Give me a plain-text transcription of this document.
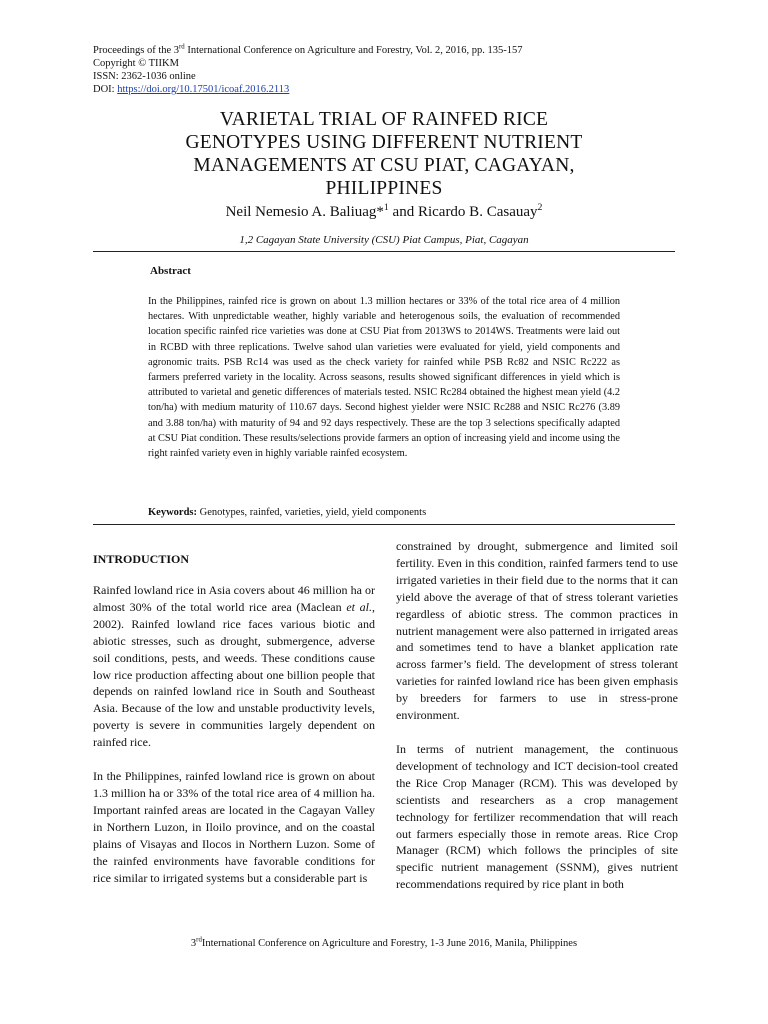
Proceedings of the 3rd International Conference on Agriculture and Forestry, Vol. 2, 2016, pp. 135-157
Copyright © TIIKM
ISSN: 2362-1036 online
DOI: https://doi.org/10.17501/icoaf.2016.2113
VARIETAL TRIAL OF RAINFED RICE
GENOTYPES USING DIFFERENT NUTRIENT
MANAGEMENTS AT CSU PIAT, CAGAYAN,
PHILIPPINES
Neil Nemesio A. Baliuag*$^1$ and Ricardo B. Casauay$^2$
1,2 Cagayan State University (CSU) Piat Campus, Piat, Cagayan
Abstract
In the Philippines, rainfed rice is grown on about 1.3 million hectares or 33% of the total rice area of 4 million hectares. With unpredictable weather, highly variable and heterogenous soils, the evaluation of recommended location specific rainfed rice varieties was done at CSU Piat from 2013WS to 2014WS. Treatments were laid out in RCBD with three replications. Twelve sahod ulan varieties were evaluated for yield, yield components and agronomic traits. PSB Rc14 was used as the check variety for rainfed while PSB Rc82 and NSIC Rc222 as farmers preferred variety in the locality. Across seasons, results showed significant differences in yield which is attributed to varietal and genetic differences of materials tested. NSIC Rc284 obtained the highest mean yield (4.2 ton/ha) with medium maturity of 110.67 days. Second highest yielder were NSIC Rc288 and NSIC Rc276 (3.89 and 3.88 ton/ha) with maturity of 94 and 92 days respectively. These are the top 3 selections specifically adapted at CSU Piat condition. These results/selections provide farmers an option of increasing yield and income using the right rainfed variety even in highly variable rainfed ecosystem.
Keywords: Genotypes, rainfed, varieties, yield, yield components
INTRODUCTION

Rainfed lowland rice in Asia covers about 46 million ha or almost 30% of the total world rice area (Maclean et al., 2002). Rainfed lowland rice faces various biotic and abiotic stresses, such as drought, submergence, adverse soil conditions, pests, and weeds. These conditions cause low rice production affecting about one billion people that depends on rainfed lowland rice in South and Southeast Asia. Because of the low and unstable productivity levels, poverty is severe in communities largely dependent on rainfed rice.

In the Philippines, rainfed lowland rice is grown on about 1.3 million ha or 33% of the total rice area of 4 million ha. Important rainfed areas are located in the Cagayan Valley in Northern Luzon, in Iloilo province, and on the coastal plains of Visayas and Ilocos in Northern Luzon. Some of the rainfed environments have favorable conditions for rice similar to irrigated systems but a considerable part is

constrained by drought, submergence and limited soil fertility. Even in this condition, rainfed farmers tend to use irrigated varieties in their field due to the norms that it can yield above the average of that of stress tolerant varieties regardless of abiotic stress. The common practices in nutrient management were also patterned in irrigated areas and sometimes tend to have a blanket application rate across farmer’s field. The development of stress tolerant varieties for rainfed lowland rice has been given emphasis by breeders for farmers to use in stress-prone environment.

In terms of nutrient management, the continuous development of technology and ICT decision-tool created the Rice Crop Manager (RCM). This was developed by scientists and researchers as a crop management technology for fertilizer recommendation that will reach out farmers especially those in remote areas. Rice Crop Manager (RCM) which follows the principles of site specific nutrient management (SSNM), gives nutrient recommendations required by rice plant in both

3rdInternational Conference on Agriculture and Forestry, 1-3 June 2016, Manila, Philippines
